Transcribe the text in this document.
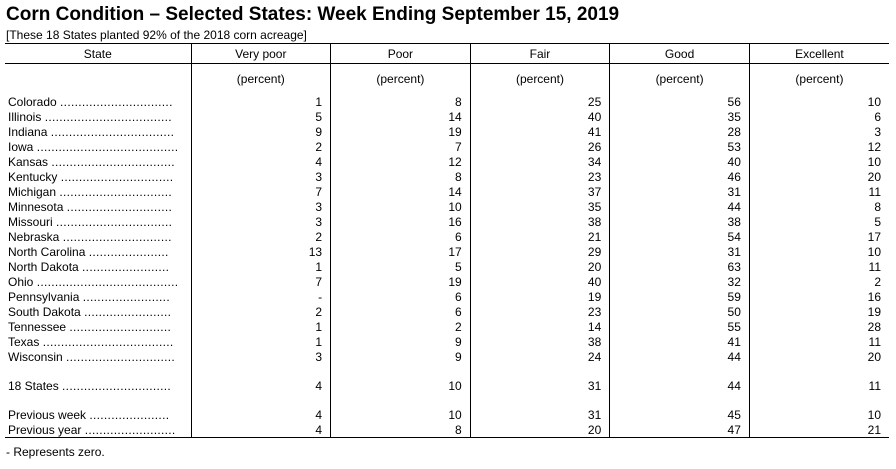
Corn Condition – Selected States: Week Ending September 15, 2019
[These 18 States planted 92% of the 2018 corn acreage]
State	Very poor	Poor	Fair	Good	Excellent
	(percent)	(percent)	(percent)	(percent)	(percent)
Colorado ...............................	1	8	25	56	10
Illinois ...................................	5	14	40	35	6
Indiana ..................................	9	19	41	28	3
Iowa .......................................	2	7	26	53	12
Kansas ..................................	4	12	34	40	10
Kentucky ...............................	3	8	23	46	20
Michigan ...............................	7	14	37	31	11
Minnesota .............................	3	10	35	44	8
Missouri ................................	3	16	38	38	5
Nebraska ..............................	2	6	21	54	17
North Carolina ......................	13	17	29	31	10
North Dakota ........................	1	5	20	63	11
Ohio .......................................	7	19	40	32	2
Pennsylvania ........................	-	6	19	59	16
South Dakota ........................	2	6	23	50	19
Tennessee ............................	1	2	14	55	28
Texas ....................................	1	9	38	41	11
Wisconsin ..............................	3	9	24	44	20

18 States ..............................	4	10	31	44	11

Previous week ......................	4	10	31	45	10
Previous year .........................	4	8	20	47	21
- Represents zero.
